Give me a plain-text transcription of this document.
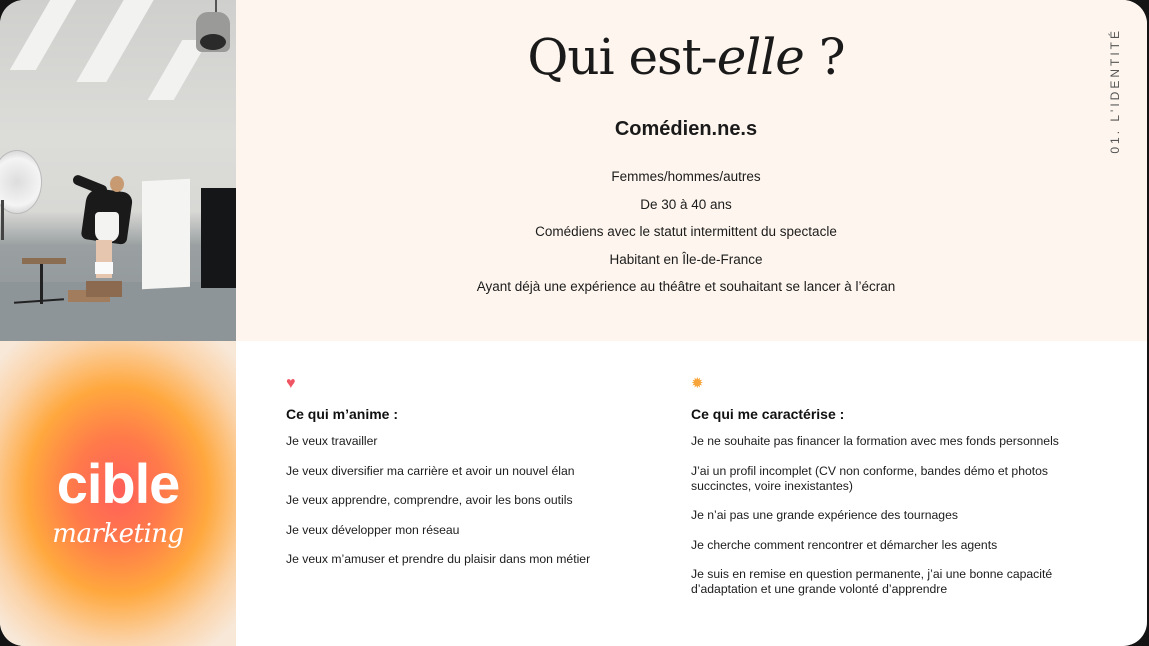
Qui est-elle ?
Comédien.ne.s
Femmes/hommes/autres
De 30 à 40 ans
Comédiens avec le statut intermittent du spectacle
Habitant en Île-de-France
Ayant déjà une expérience au théâtre et souhaitant se lancer à l’écran
01. L'IDENTITÉ
cible
marketing
♥
Ce qui m’anime :
Je veux travailler
Je veux diversifier ma carrière et avoir un nouvel élan
Je veux apprendre, comprendre, avoir les bons outils
Je veux développer mon réseau
Je veux m’amuser et prendre du plaisir dans mon métier
✹
Ce qui me caractérise :
Je ne souhaite pas financer la formation avec mes fonds personnels
J’ai un profil incomplet (CV non conforme, bandes démo et photos succinctes, voire inexistantes)
Je n’ai pas une grande expérience des tournages
Je cherche comment rencontrer et démarcher les agents
Je suis en remise en question permanente, j’ai une bonne capacité d’adaptation et une grande volonté d’apprendre
